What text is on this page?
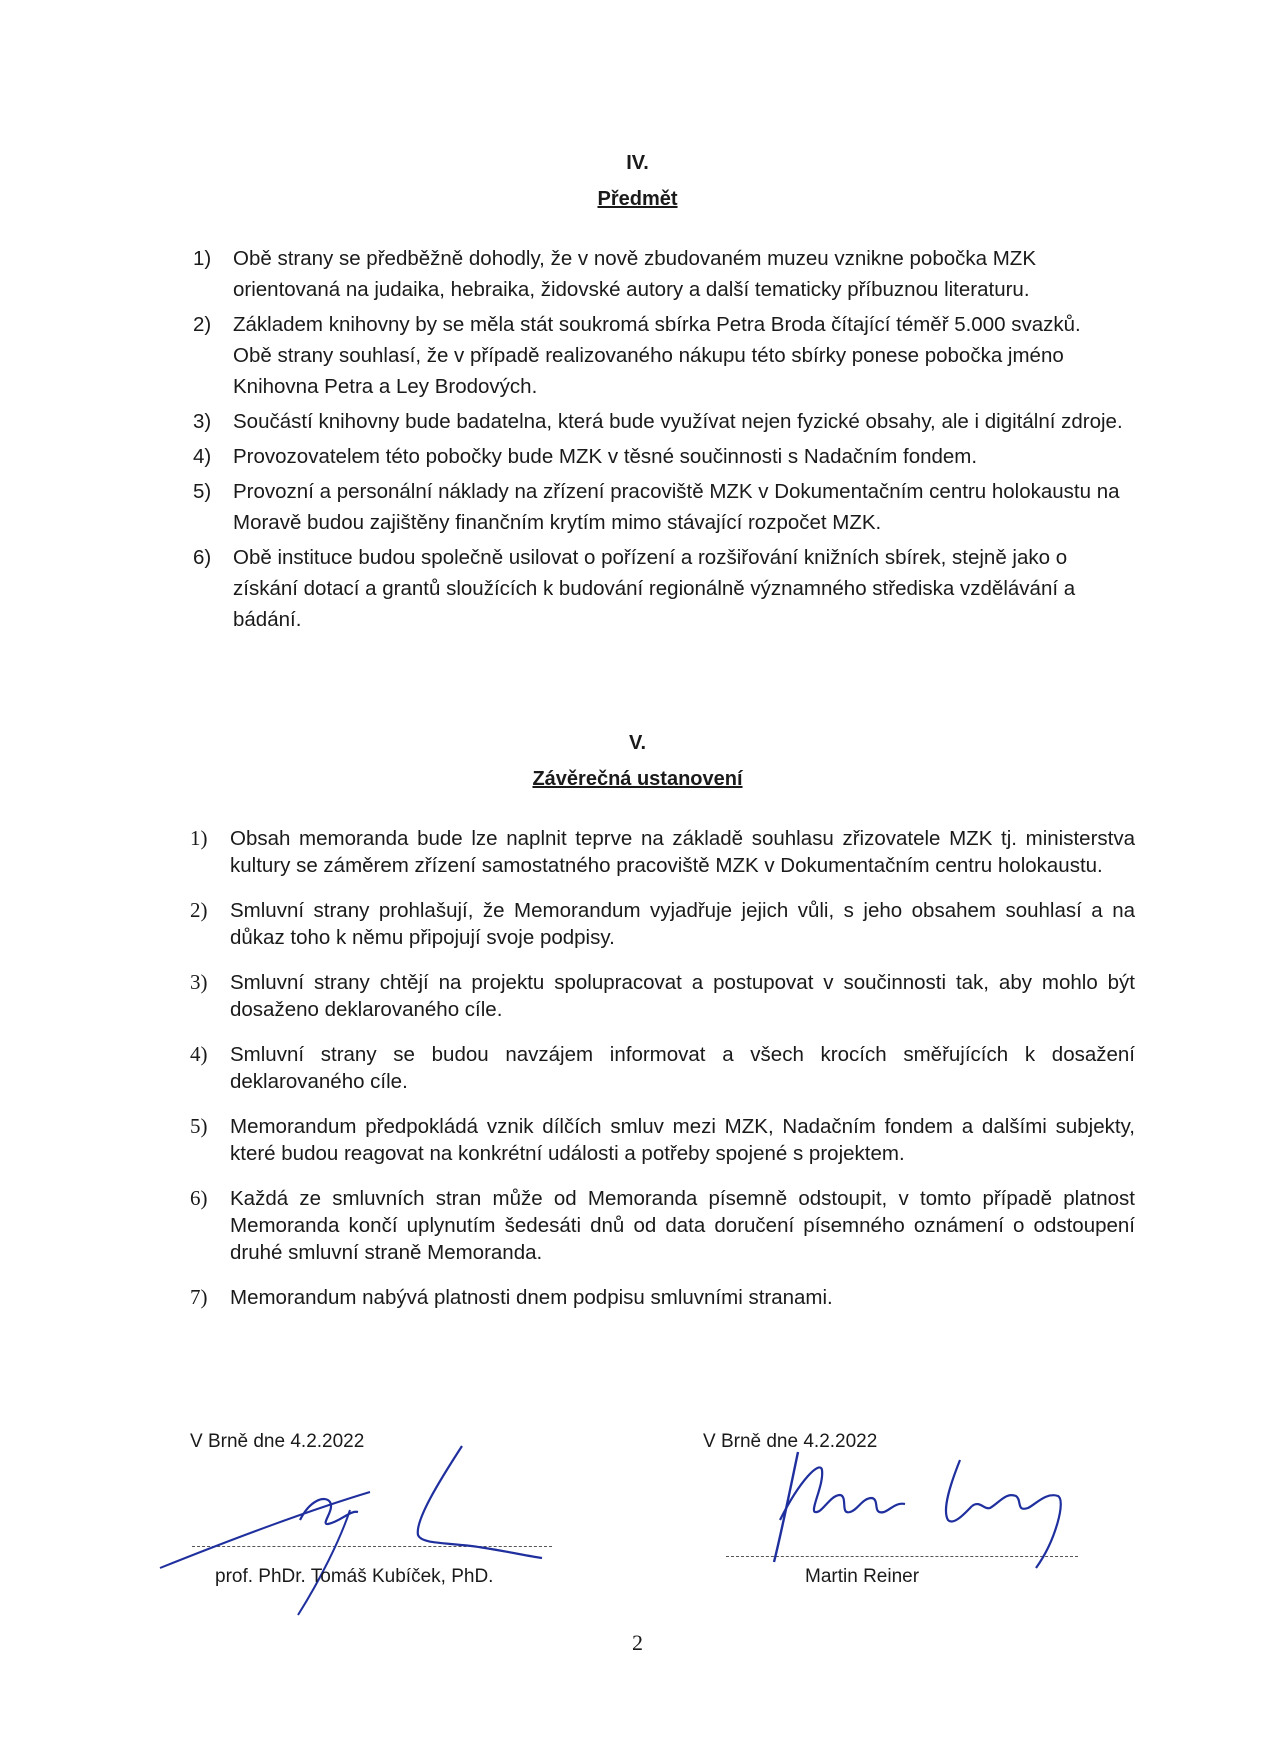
IV.
Předmět
1) Obě strany se předběžně dohodly, že v nově zbudovaném muzeu vznikne pobočka MZK orientovaná na judaika, hebraika, židovské autory a další tematicky příbuznou literaturu.
2) Základem knihovny by se měla stát soukromá sbírka Petra Broda čítající téměř 5.000 svazků. Obě strany souhlasí, že v případě realizovaného nákupu této sbírky ponese pobočka jméno Knihovna Petra a Ley Brodových.
3) Součástí knihovny bude badatelna, která bude využívat nejen fyzické obsahy, ale i digitální zdroje.
4) Provozovatelem této pobočky bude MZK v těsné součinnosti s Nadačním fondem.
5) Provozní a personální náklady na zřízení pracoviště MZK v Dokumentačním centru holokaustu na Moravě budou zajištěny finančním krytím mimo stávající rozpočet MZK.
6) Obě instituce budou společně usilovat o pořízení a rozšiřování knižních sbírek, stejně jako o získání dotací a grantů sloužících k budování regionálně významného střediska vzdělávání a bádání.
V.
Závěrečná ustanovení
1) Obsah memoranda bude lze naplnit teprve na základě souhlasu zřizovatele MZK tj. ministerstva kultury se záměrem zřízení samostatného pracoviště MZK v Dokumentačním centru holokaustu.
2) Smluvní strany prohlašují, že Memorandum vyjadřuje jejich vůli, s jeho obsahem souhlasí a na důkaz toho k němu připojují svoje podpisy.
3) Smluvní strany chtějí na projektu spolupracovat a postupovat v součinnosti tak, aby mohlo být dosaženo deklarovaného cíle.
4) Smluvní strany se budou navzájem informovat a všech krocích směřujících k dosažení deklarovaného cíle.
5) Memorandum předpokládá vznik dílčích smluv mezi MZK, Nadačním fondem a dalšími subjekty, které budou reagovat na konkrétní události a potřeby spojené s projektem.
6) Každá ze smluvních stran může od Memoranda písemně odstoupit, v tomto případě platnost Memoranda končí uplynutím šedesáti dnů od data doručení písemného oznámení o odstoupení druhé smluvní straně Memoranda.
7) Memorandum nabývá platnosti dnem podpisu smluvními stranami.
V Brně dne 4.2.2022
prof. PhDr. Tomáš Kubíček, PhD.
V Brně dne 4.2.2022
Martin Reiner
2
